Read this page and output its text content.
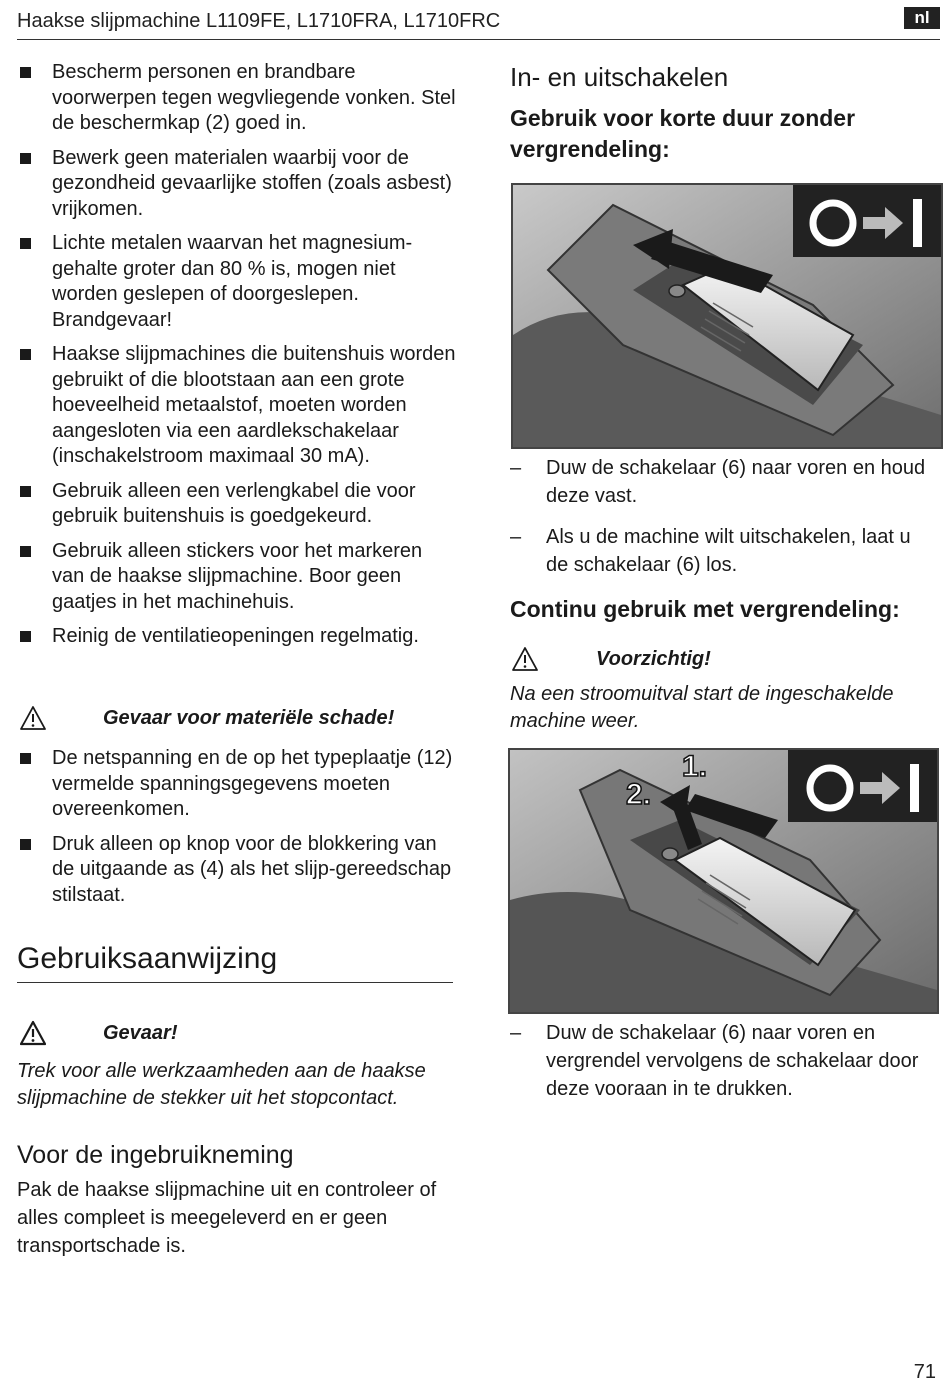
Haakse slijpmachine L1109FE, L1710FRA, L1710FRC	nl
Bescherm personen en brandbare voorwerpen tegen wegvliegende vonken. Stel de beschermkap (2) goed in.
Bewerk geen materialen waarbij voor de gezondheid gevaarlijke stoffen (zoals asbest) vrijkomen.
Lichte metalen waarvan het magnesium-gehalte groter dan 80 % is, mogen niet worden geslepen of doorgeslepen. Brandgevaar!
Haakse slijpmachines die buitenshuis worden gebruikt of die blootstaan aan een grote hoeveelheid metaalstof, moeten worden aangesloten via een aardlekschakelaar (inschakelstroom maximaal 30 mA).
Gebruik alleen een verlengkabel die voor gebruik buitenshuis is goedgekeurd.
Gebruik alleen stickers voor het markeren van de haakse slijpmachine. Boor geen gaatjes in het machinehuis.
Reinig de ventilatieopeningen regelmatig.
Gevaar voor materiële schade!
De netspanning en de op het typeplaatje (12) vermelde spanningsgegevens moeten overeenkomen.
Druk alleen op knop voor de blokkering van de uitgaande as (4) als het slijp-gereedschap stilstaat.
Gebruiksaanwijzing
Gevaar!
Trek voor alle werkzaamheden aan de haakse slijpmachine de stekker uit het stopcontact.
Voor de ingebruikneming
Pak de haakse slijpmachine uit en controleer of alles compleet is meegeleverd en er geen transportschade is.
In- en uitschakelen
Gebruik voor korte duur zonder vergrendeling:
– Duw de schakelaar (6) naar voren en houd deze vast.
– Als u de machine wilt uitschakelen, laat u de schakelaar (6) los.
Continu gebruik met vergrendeling:
Voorzichtig!
Na een stroomuitval start de ingeschakelde machine weer.
1.
2.
– Duw de schakelaar (6) naar voren en vergrendel vervolgens de schakelaar door deze vooraan in te drukken.
71
